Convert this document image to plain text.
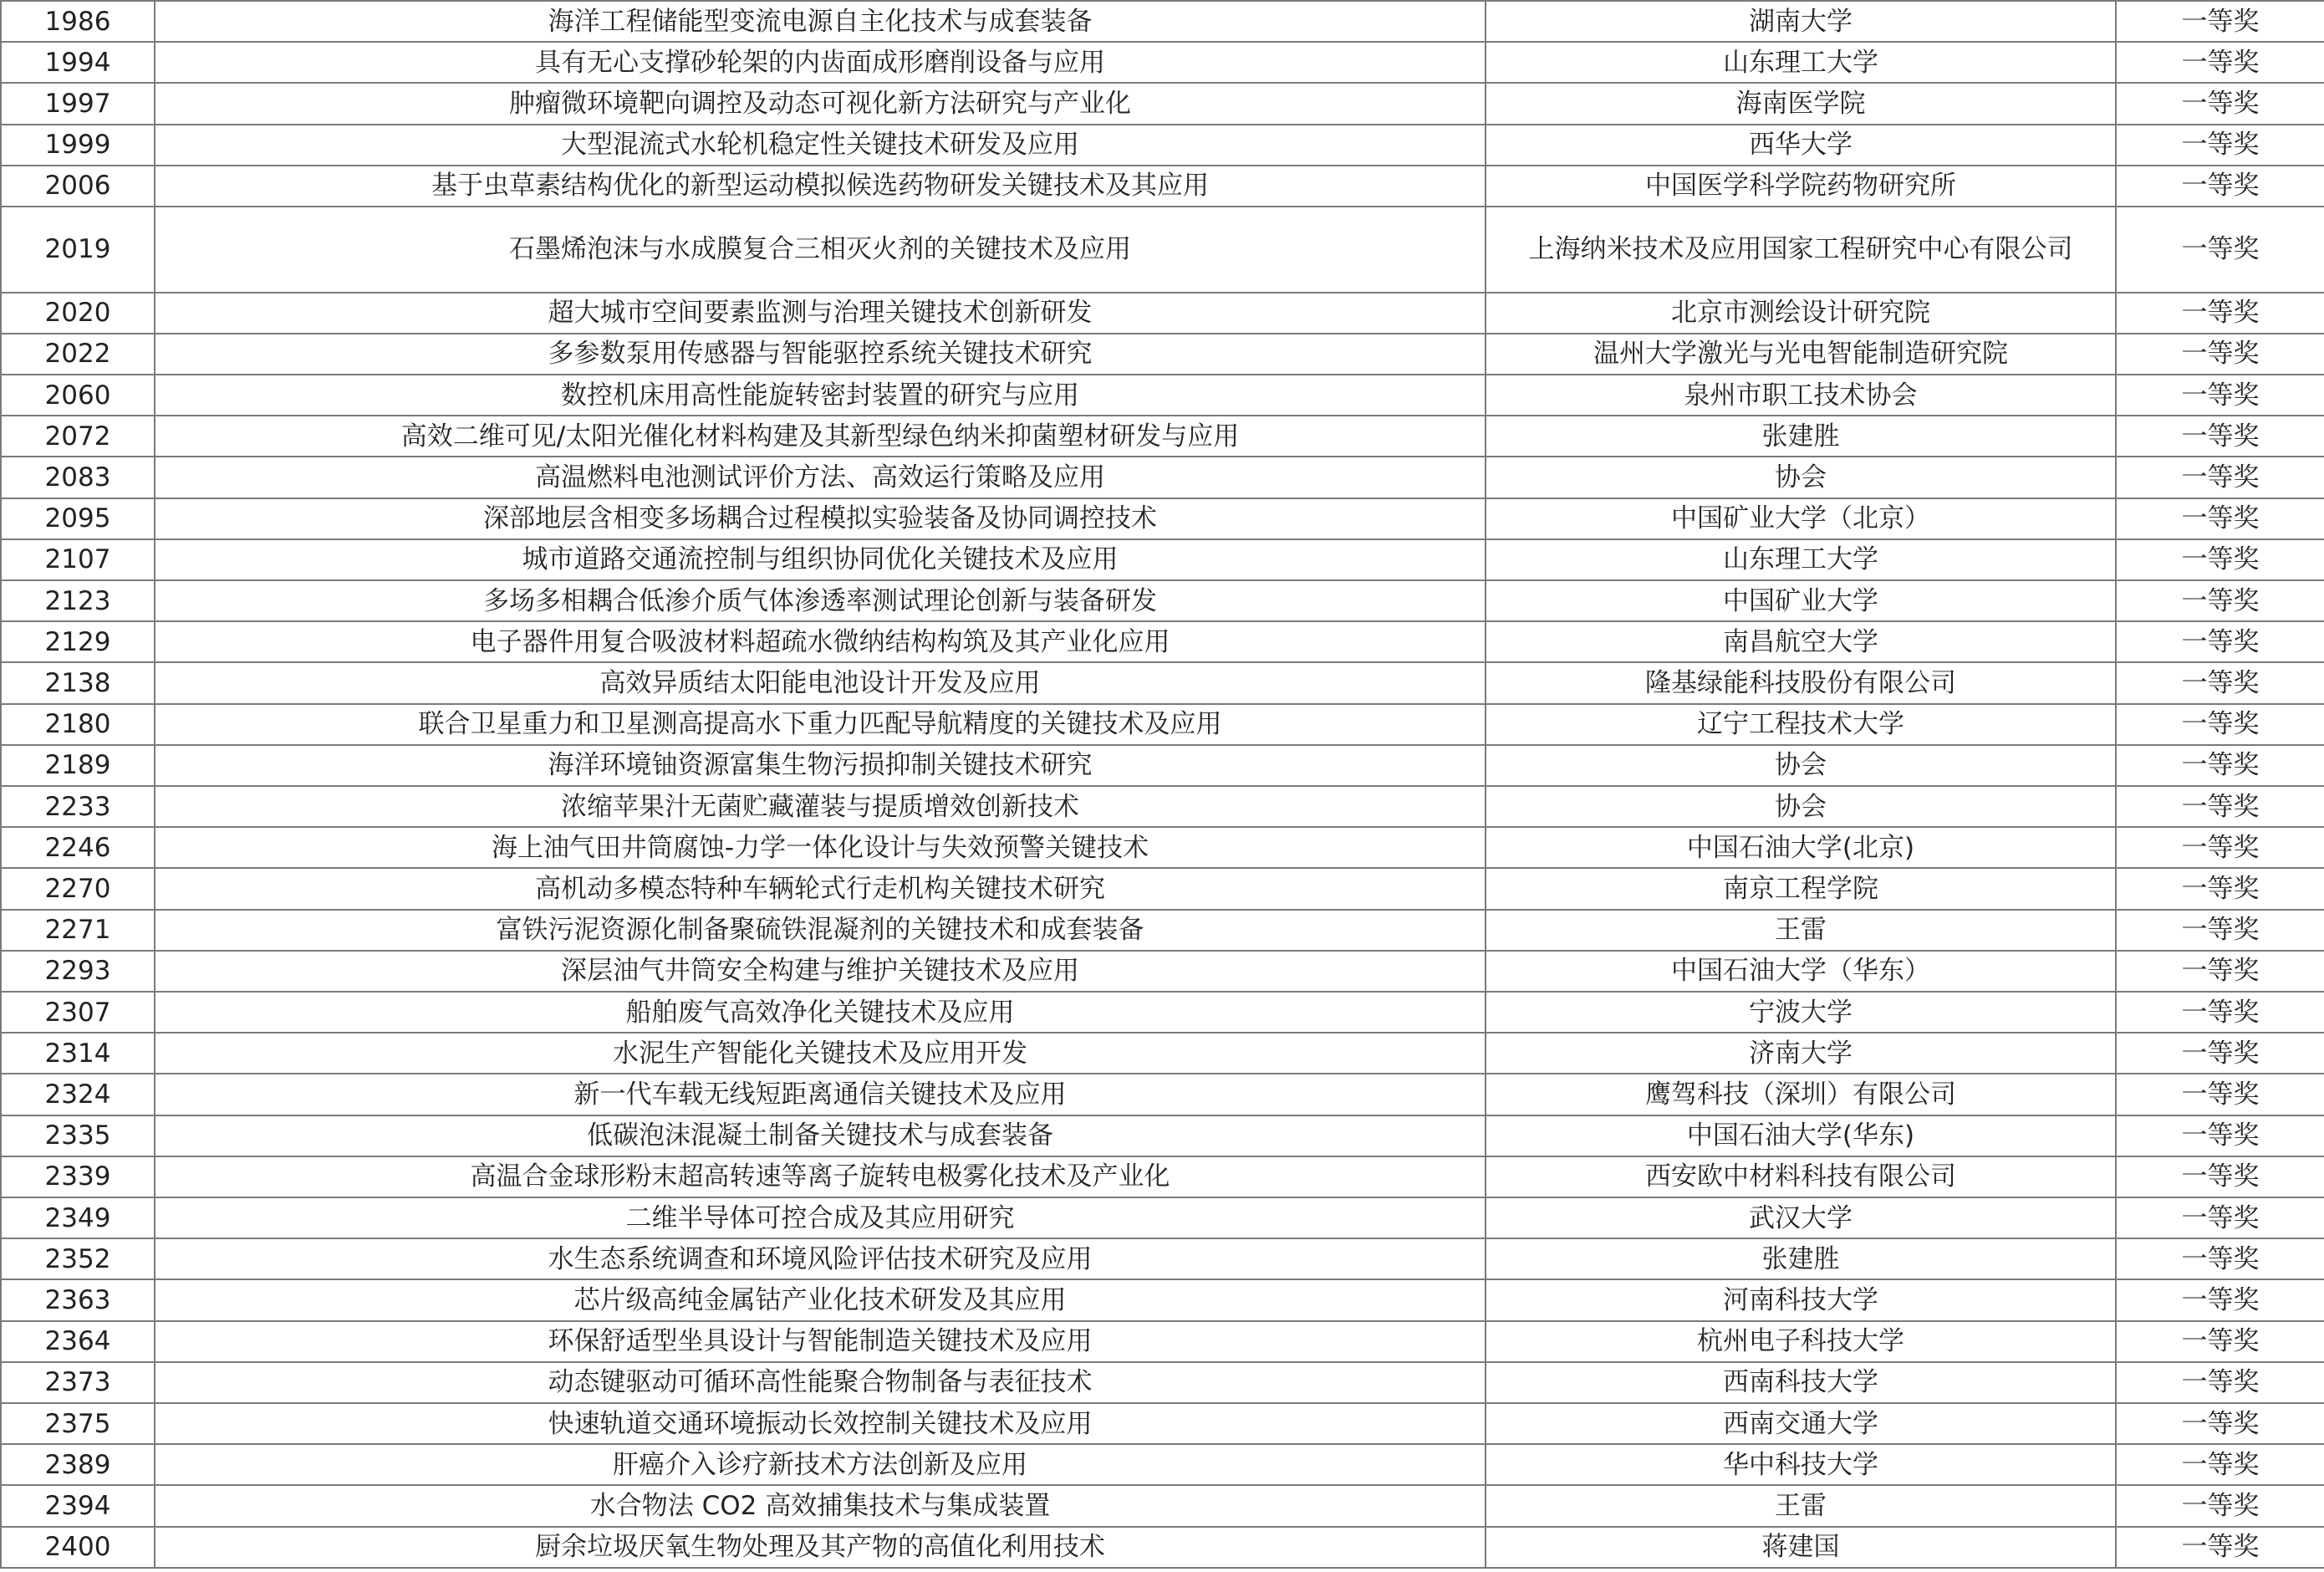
1986	海洋工程储能型变流电源自主化技术与成套装备	湖南大学	一等奖
1994	具有无心支撑砂轮架的内齿面成形磨削设备与应用	山东理工大学	一等奖
1997	肿瘤微环境靶向调控及动态可视化新方法研究与产业化	海南医学院	一等奖
1999	大型混流式水轮机稳定性关键技术研发及应用	西华大学	一等奖
2006	基于虫草素结构优化的新型运动模拟候选药物研发关键技术及其应用	中国医学科学院药物研究所	一等奖
2019	石墨烯泡沫与水成膜复合三相灭火剂的关键技术及应用	上海纳米技术及应用国家工程研究中心有限公司	一等奖
2020	超大城市空间要素监测与治理关键技术创新研发	北京市测绘设计研究院	一等奖
2022	多参数泵用传感器与智能驱控系统关键技术研究	温州大学激光与光电智能制造研究院	一等奖
2060	数控机床用高性能旋转密封装置的研究与应用	泉州市职工技术协会	一等奖
2072	高效二维可见/太阳光催化材料构建及其新型绿色纳米抑菌塑材研发与应用	张建胜	一等奖
2083	高温燃料电池测试评价方法、高效运行策略及应用	协会	一等奖
2095	深部地层含相变多场耦合过程模拟实验装备及协同调控技术	中国矿业大学（北京）	一等奖
2107	城市道路交通流控制与组织协同优化关键技术及应用	山东理工大学	一等奖
2123	多场多相耦合低渗介质气体渗透率测试理论创新与装备研发	中国矿业大学	一等奖
2129	电子器件用复合吸波材料超疏水微纳结构构筑及其产业化应用	南昌航空大学	一等奖
2138	高效异质结太阳能电池设计开发及应用	隆基绿能科技股份有限公司	一等奖
2180	联合卫星重力和卫星测高提高水下重力匹配导航精度的关键技术及应用	辽宁工程技术大学	一等奖
2189	海洋环境铀资源富集生物污损抑制关键技术研究	协会	一等奖
2233	浓缩苹果汁无菌贮藏灌装与提质增效创新技术	协会	一等奖
2246	海上油气田井筒腐蚀-力学一体化设计与失效预警关键技术	中国石油大学(北京)	一等奖
2270	高机动多模态特种车辆轮式行走机构关键技术研究	南京工程学院	一等奖
2271	富铁污泥资源化制备聚硫铁混凝剂的关键技术和成套装备	王雷	一等奖
2293	深层油气井筒安全构建与维护关键技术及应用	中国石油大学（华东）	一等奖
2307	船舶废气高效净化关键技术及应用	宁波大学	一等奖
2314	水泥生产智能化关键技术及应用开发	济南大学	一等奖
2324	新一代车载无线短距离通信关键技术及应用	鹰驾科技（深圳）有限公司	一等奖
2335	低碳泡沫混凝土制备关键技术与成套装备	中国石油大学(华东)	一等奖
2339	高温合金球形粉末超高转速等离子旋转电极雾化技术及产业化	西安欧中材料科技有限公司	一等奖
2349	二维半导体可控合成及其应用研究	武汉大学	一等奖
2352	水生态系统调查和环境风险评估技术研究及应用	张建胜	一等奖
2363	芯片级高纯金属钴产业化技术研发及其应用	河南科技大学	一等奖
2364	环保舒适型坐具设计与智能制造关键技术及应用	杭州电子科技大学	一等奖
2373	动态键驱动可循环高性能聚合物制备与表征技术	西南科技大学	一等奖
2375	快速轨道交通环境振动长效控制关键技术及应用	西南交通大学	一等奖
2389	肝癌介入诊疗新技术方法创新及应用	华中科技大学	一等奖
2394	水合物法 CO2 高效捕集技术与集成装置	王雷	一等奖
2400	厨余垃圾厌氧生物处理及其产物的高值化利用技术	蒋建国	一等奖
